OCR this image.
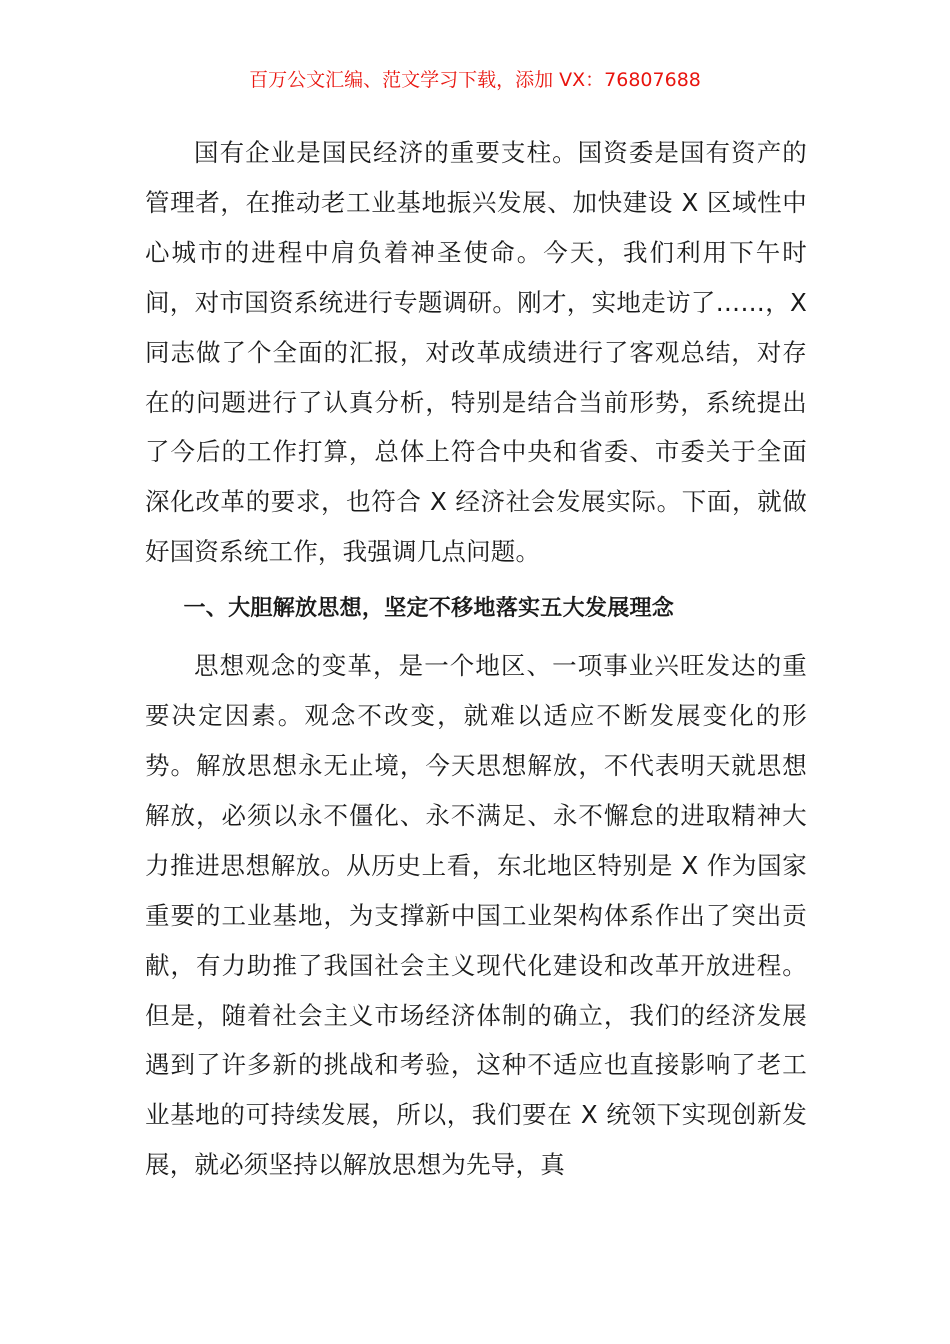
百万公文汇编、范文学习下载，添加 VX：76807688

国有企业是国民经济的重要支柱。国资委是国有资产的管理者，在推动老工业基地振兴发展、加快建设 X 区域性中心城市的进程中肩负着神圣使命。今天，我们利用下午时间，对市国资系统进行专题调研。刚才，实地走访了……，X 同志做了个全面的汇报，对改革成绩进行了客观总结，对存在的问题进行了认真分析，特别是结合当前形势，系统提出了今后的工作打算，总体上符合中央和省委、市委关于全面深化改革的要求，也符合 X 经济社会发展实际。下面，就做好国资系统工作，我强调几点问题。

一、大胆解放思想，坚定不移地落实五大发展理念

思想观念的变革，是一个地区、一项事业兴旺发达的重要决定因素。观念不改变，就难以适应不断发展变化的形势。解放思想永无止境，今天思想解放，不代表明天就思想解放，必须以永不僵化、永不满足、永不懈怠的进取精神大力推进思想解放。从历史上看，东北地区特别是 X 作为国家重要的工业基地，为支撑新中国工业架构体系作出了突出贡献，有力助推了我国社会主义现代化建设和改革开放进程。但是，随着社会主义市场经济体制的确立，我们的经济发展遇到了许多新的挑战和考验，这种不适应也直接影响了老工业基地的可持续发展，所以，我们要在 X 统领下实现创新发展，就必须坚持以解放思想为先导，真
